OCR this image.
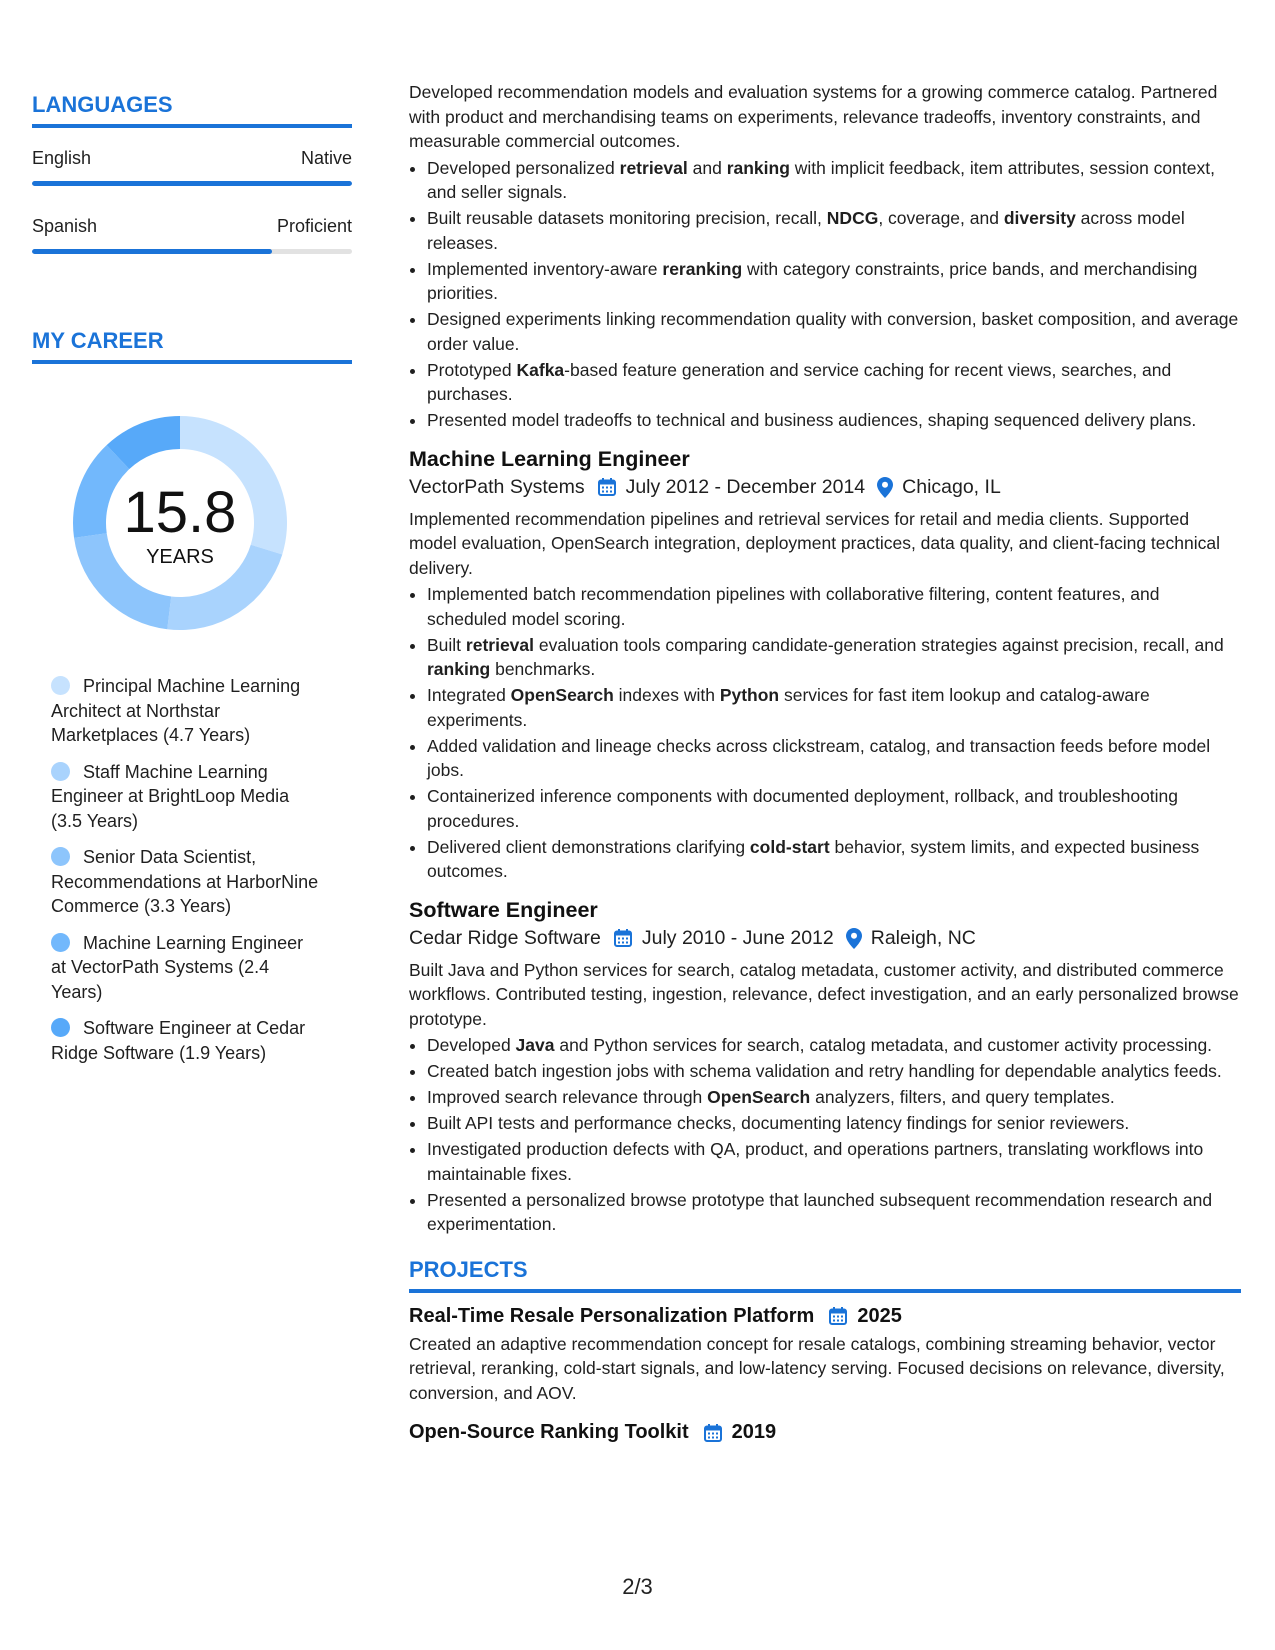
LANGUAGES
English	Native
Spanish	Proficient
MY CAREER
15.8
YEARS
Principal Machine Learning Architect at Northstar Marketplaces (4.7 Years)
Staff Machine Learning Engineer at BrightLoop Media (3.5 Years)
Senior Data Scientist, Recommendations at HarborNine Commerce (3.3 Years)
Machine Learning Engineer at VectorPath Systems (2.4 Years)
Software Engineer at Cedar Ridge Software (1.9 Years)

Developed recommendation models and evaluation systems for a growing commerce catalog. Partnered with product and merchandising teams on experiments, relevance tradeoffs, inventory constraints, and measurable commercial outcomes.

• Developed personalized retrieval and ranking with implicit feedback, item attributes, session context, and seller signals.
• Built reusable datasets monitoring precision, recall, NDCG, coverage, and diversity across model releases.
• Implemented inventory-aware reranking with category constraints, price bands, and merchandising priorities.
• Designed experiments linking recommendation quality with conversion, basket composition, and average order value.
• Prototyped Kafka-based feature generation and service caching for recent views, searches, and purchases.
• Presented model tradeoffs to technical and business audiences, shaping sequenced delivery plans.
Machine Learning Engineer
VectorPath Systems July 2012 - December 2014 Chicago, IL

Implemented recommendation pipelines and retrieval services for retail and media clients. Supported model evaluation, OpenSearch integration, deployment practices, data quality, and client-facing technical delivery.

• Implemented batch recommendation pipelines with collaborative filtering, content features, and scheduled model scoring.
• Built retrieval evaluation tools comparing candidate-generation strategies against precision, recall, and ranking benchmarks.
• Integrated OpenSearch indexes with Python services for fast item lookup and catalog-aware experiments.
• Added validation and lineage checks across clickstream, catalog, and transaction feeds before model jobs.
• Containerized inference components with documented deployment, rollback, and troubleshooting procedures.
• Delivered client demonstrations clarifying cold-start behavior, system limits, and expected business outcomes.
Software Engineer
Cedar Ridge Software July 2010 - June 2012 Raleigh, NC

Built Java and Python services for search, catalog metadata, customer activity, and distributed commerce workflows. Contributed testing, ingestion, relevance, defect investigation, and an early personalized browse prototype.

• Developed Java and Python services for search, catalog metadata, and customer activity processing.
• Created batch ingestion jobs with schema validation and retry handling for dependable analytics feeds.
• Improved search relevance through OpenSearch analyzers, filters, and query templates.
• Built API tests and performance checks, documenting latency findings for senior reviewers.
• Investigated production defects with QA, product, and operations partners, translating workflows into maintainable fixes.
• Presented a personalized browse prototype that launched subsequent recommendation research and experimentation.
PROJECTS
Real-Time Resale Personalization Platform 2025

Created an adaptive recommendation concept for resale catalogs, combining streaming behavior, vector retrieval, reranking, cold-start signals, and low-latency serving. Focused decisions on relevance, diversity, conversion, and AOV.

Open-Source Ranking Toolkit 2019
2/3
